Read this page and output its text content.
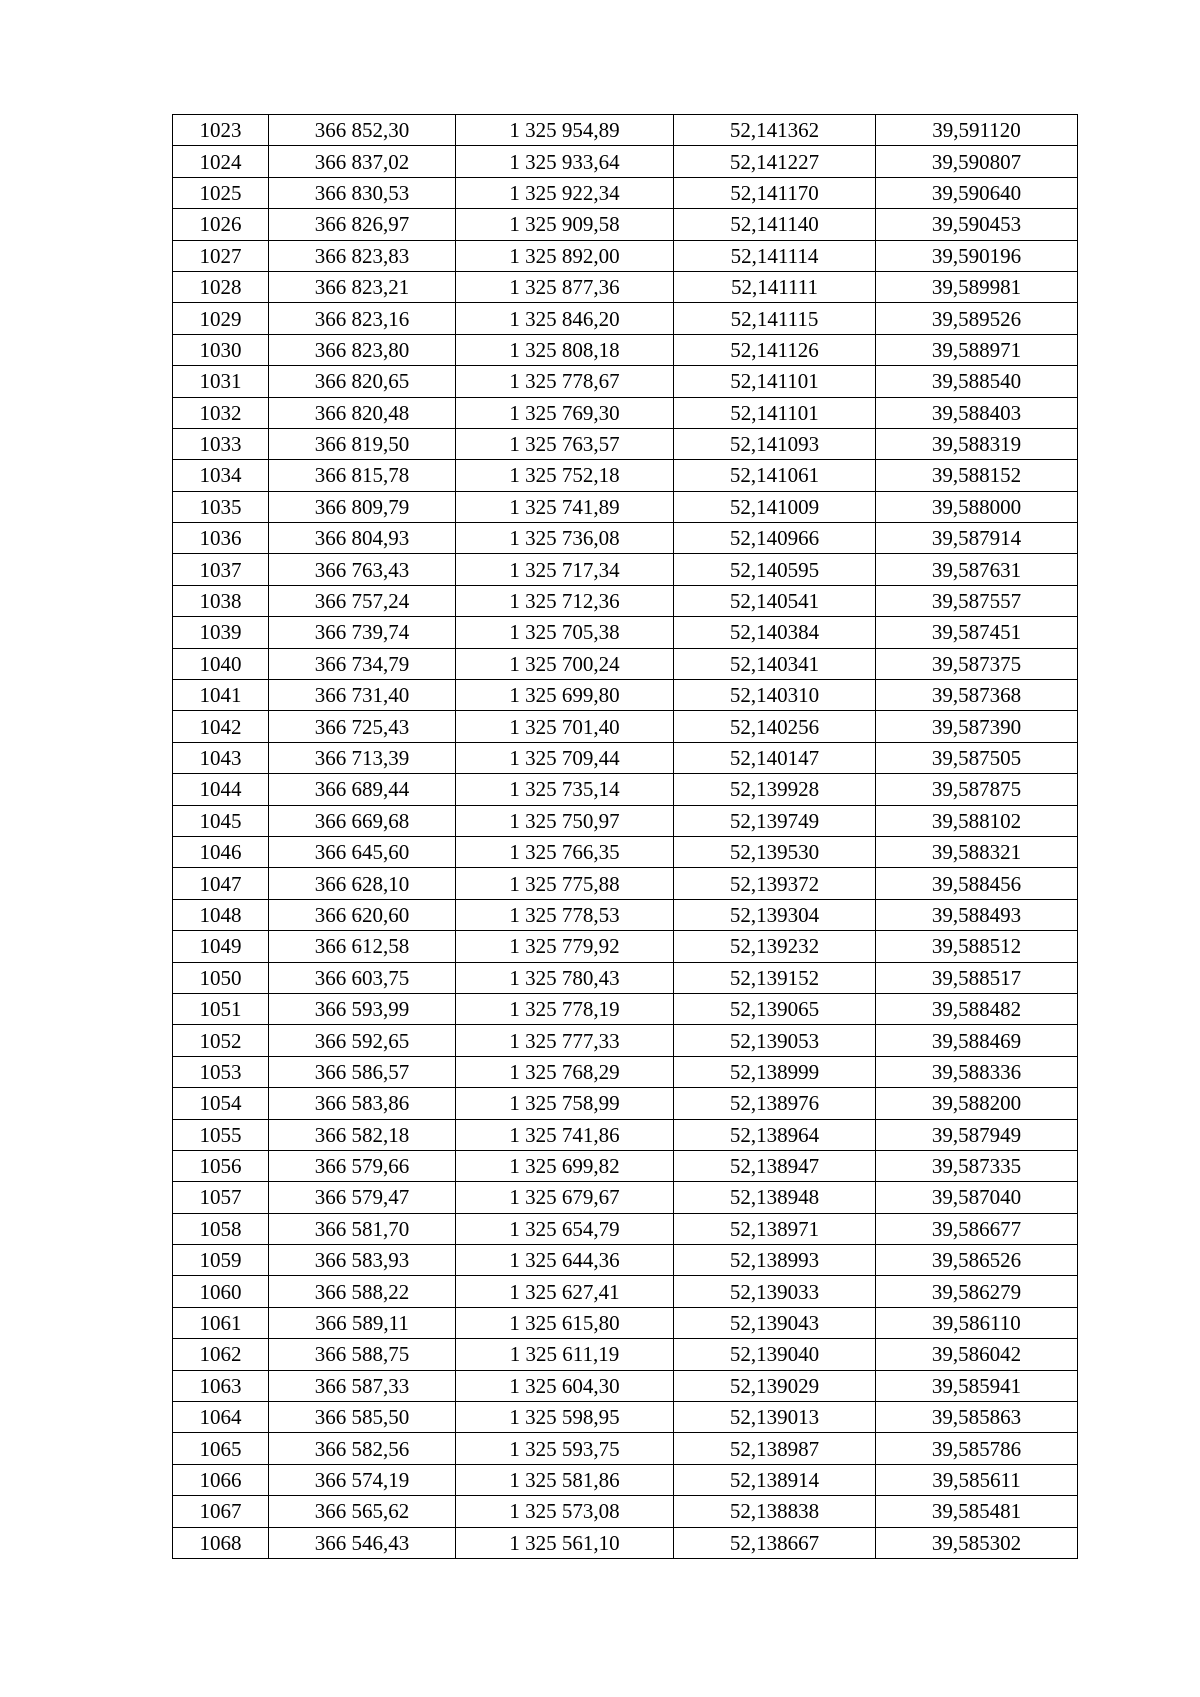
1023	366 852,30	1 325 954,89	52,141362	39,591120
1024	366 837,02	1 325 933,64	52,141227	39,590807
1025	366 830,53	1 325 922,34	52,141170	39,590640
1026	366 826,97	1 325 909,58	52,141140	39,590453
1027	366 823,83	1 325 892,00	52,141114	39,590196
1028	366 823,21	1 325 877,36	52,141111	39,589981
1029	366 823,16	1 325 846,20	52,141115	39,589526
1030	366 823,80	1 325 808,18	52,141126	39,588971
1031	366 820,65	1 325 778,67	52,141101	39,588540
1032	366 820,48	1 325 769,30	52,141101	39,588403
1033	366 819,50	1 325 763,57	52,141093	39,588319
1034	366 815,78	1 325 752,18	52,141061	39,588152
1035	366 809,79	1 325 741,89	52,141009	39,588000
1036	366 804,93	1 325 736,08	52,140966	39,587914
1037	366 763,43	1 325 717,34	52,140595	39,587631
1038	366 757,24	1 325 712,36	52,140541	39,587557
1039	366 739,74	1 325 705,38	52,140384	39,587451
1040	366 734,79	1 325 700,24	52,140341	39,587375
1041	366 731,40	1 325 699,80	52,140310	39,587368
1042	366 725,43	1 325 701,40	52,140256	39,587390
1043	366 713,39	1 325 709,44	52,140147	39,587505
1044	366 689,44	1 325 735,14	52,139928	39,587875
1045	366 669,68	1 325 750,97	52,139749	39,588102
1046	366 645,60	1 325 766,35	52,139530	39,588321
1047	366 628,10	1 325 775,88	52,139372	39,588456
1048	366 620,60	1 325 778,53	52,139304	39,588493
1049	366 612,58	1 325 779,92	52,139232	39,588512
1050	366 603,75	1 325 780,43	52,139152	39,588517
1051	366 593,99	1 325 778,19	52,139065	39,588482
1052	366 592,65	1 325 777,33	52,139053	39,588469
1053	366 586,57	1 325 768,29	52,138999	39,588336
1054	366 583,86	1 325 758,99	52,138976	39,588200
1055	366 582,18	1 325 741,86	52,138964	39,587949
1056	366 579,66	1 325 699,82	52,138947	39,587335
1057	366 579,47	1 325 679,67	52,138948	39,587040
1058	366 581,70	1 325 654,79	52,138971	39,586677
1059	366 583,93	1 325 644,36	52,138993	39,586526
1060	366 588,22	1 325 627,41	52,139033	39,586279
1061	366 589,11	1 325 615,80	52,139043	39,586110
1062	366 588,75	1 325 611,19	52,139040	39,586042
1063	366 587,33	1 325 604,30	52,139029	39,585941
1064	366 585,50	1 325 598,95	52,139013	39,585863
1065	366 582,56	1 325 593,75	52,138987	39,585786
1066	366 574,19	1 325 581,86	52,138914	39,585611
1067	366 565,62	1 325 573,08	52,138838	39,585481
1068	366 546,43	1 325 561,10	52,138667	39,585302
